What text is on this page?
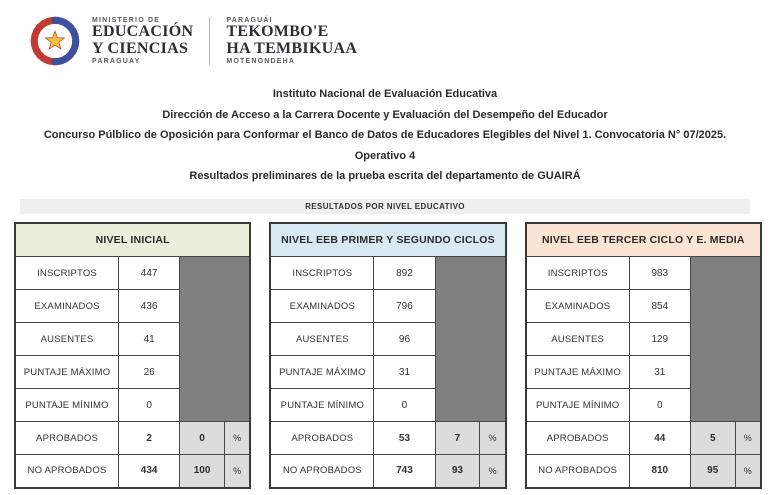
MINISTERIO DE
EDUCACIÓN
Y CIENCIAS
PARAGUAY
PARAGUÁI
TEKOMBO'E
HA TEMBIKUAA
MOTENONDEHA
Instituto Nacional de Evaluación Educativa
Dirección de Acceso a la Carrera Docente y Evaluación del Desempeño del Educador
Concurso Púlblico de Oposición para Conformar el Banco de Datos de Educadores Elegibles del Nivel 1. Convocatoria N° 07/2025.
Operativo 4
Resultados preliminares de la prueba escrita del departamento de GUAIRÁ
RESULTADOS POR NIVEL EDUCATIVO
NIVEL INICIAL			
INSCRIPTOS	447		
EXAMINADOS	436		
AUSENTES	41		
PUNTAJE MÁXIMO	26		
PUNTAJE MÍNIMO	0		
APROBADOS	2	0	%
NO APROBADOS	434	100	%
NIVEL EEB PRIMER Y SEGUNDO CICLOS			
INSCRIPTOS	892		
EXAMINADOS	796		
AUSENTES	96		
PUNTAJE MÁXIMO	31		
PUNTAJE MÍNIMO	0		
APROBADOS	53	7	%
NO APROBADOS	743	93	%
NIVEL EEB TERCER CICLO Y E. MEDIA			
INSCRIPTOS	983		
EXAMINADOS	854		
AUSENTES	129		
PUNTAJE MÁXIMO	31		
PUNTAJE MÍNIMO	0		
APROBADOS	44	5	%
NO APROBADOS	810	95	%
